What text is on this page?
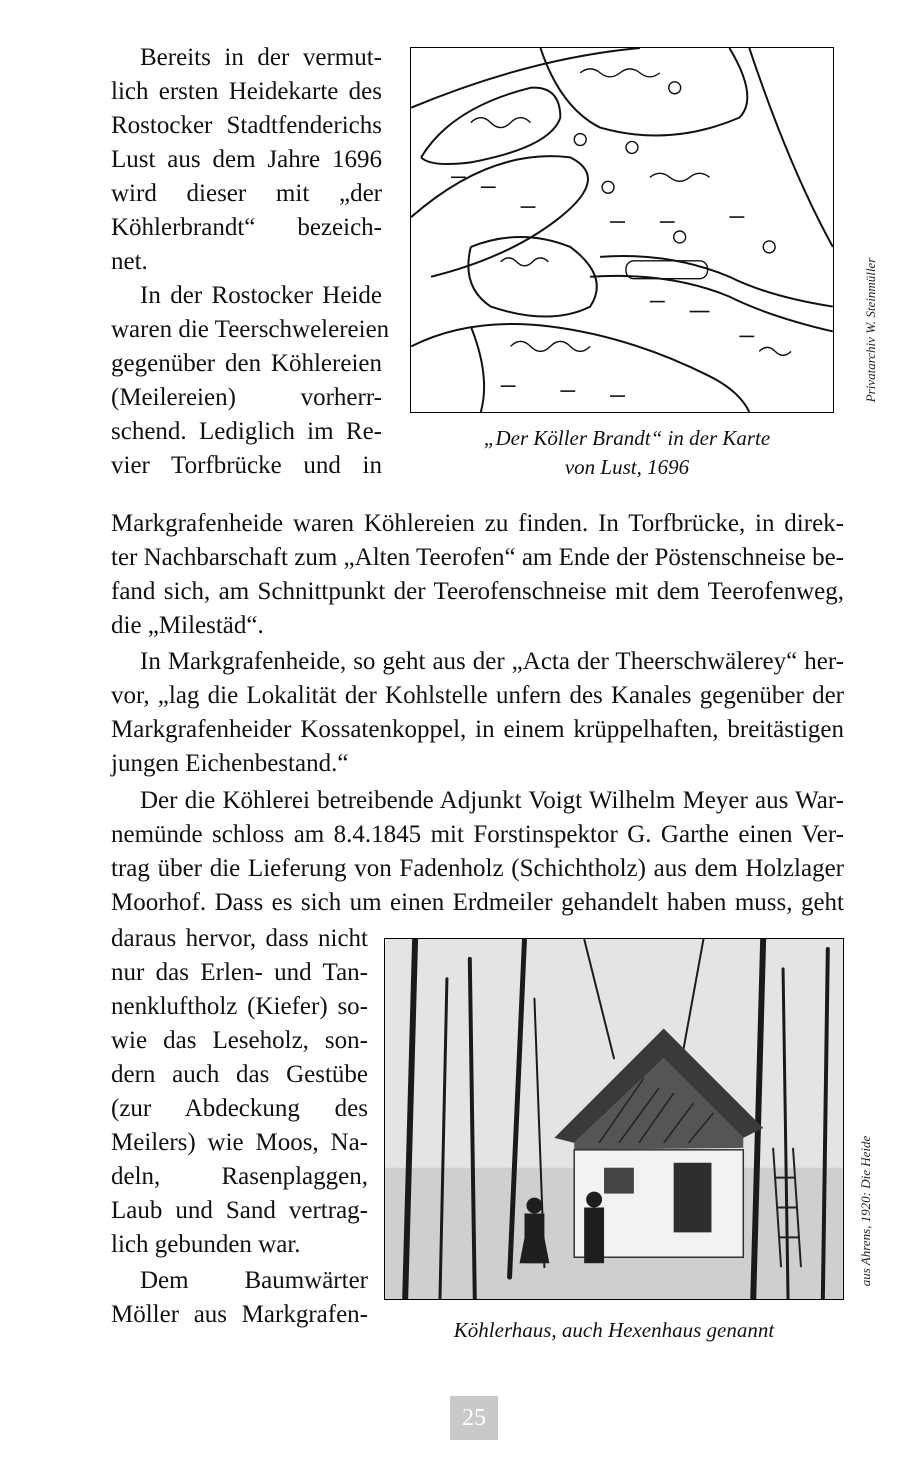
Bereits in der vermut-

lich ersten Heidekarte des

Rostocker Stadtfenderichs

Lust aus dem Jahre 1696

wird dieser mit „der

Köhlerbrandt“ bezeich-

net.

In der Rostocker Heide

waren die Teerschwelereien

gegenüber den Köhlereien

(Meilereien) vorherr-

schend. Lediglich im Re-

vier Torfbrücke und in

„Der Köller Brandt“ in der Karte

von Lust, 1696

Privatarchiv W. Steinmüller

Markgrafenheide waren Köhlereien zu finden. In Torfbrücke, in direk-

ter Nachbarschaft zum „Alten Teerofen“ am Ende der Pöstenschneise be-

fand sich, am Schnittpunkt der Teerofenschneise mit dem Teerofenweg,

die „Milestäd“.

In Markgrafenheide, so geht aus der „Acta der Theerschwälerey“ her-

vor, „lag die Lokalität der Kohlstelle unfern des Kanales gegenüber der

Markgrafenheider Kossatenkoppel, in einem krüppelhaften, breitästigen

jungen Eichenbestand.“

Der die Köhlerei betreibende Adjunkt Voigt Wilhelm Meyer aus War-

nemünde schloss am 8.4.1845 mit Forstinspektor G. Garthe einen Ver-

trag über die Lieferung von Fadenholz (Schichtholz) aus dem Holzlager

Moorhof. Dass es sich um einen Erdmeiler gehandelt haben muss, geht

daraus hervor, dass nicht

nur das Erlen- und Tan-

nenkluftholz (Kiefer) so-

wie das Leseholz, son-

dern auch das Gestübe

(zur Abdeckung des

Meilers) wie Moos, Na-

deln, Rasenplaggen,

Laub und Sand vertrag-

lich gebunden war.

Dem Baumwärter

Möller aus Markgrafen-

Köhlerhaus, auch Hexenhaus genannt

aus Ahrens, 1920: Die Heide

25
